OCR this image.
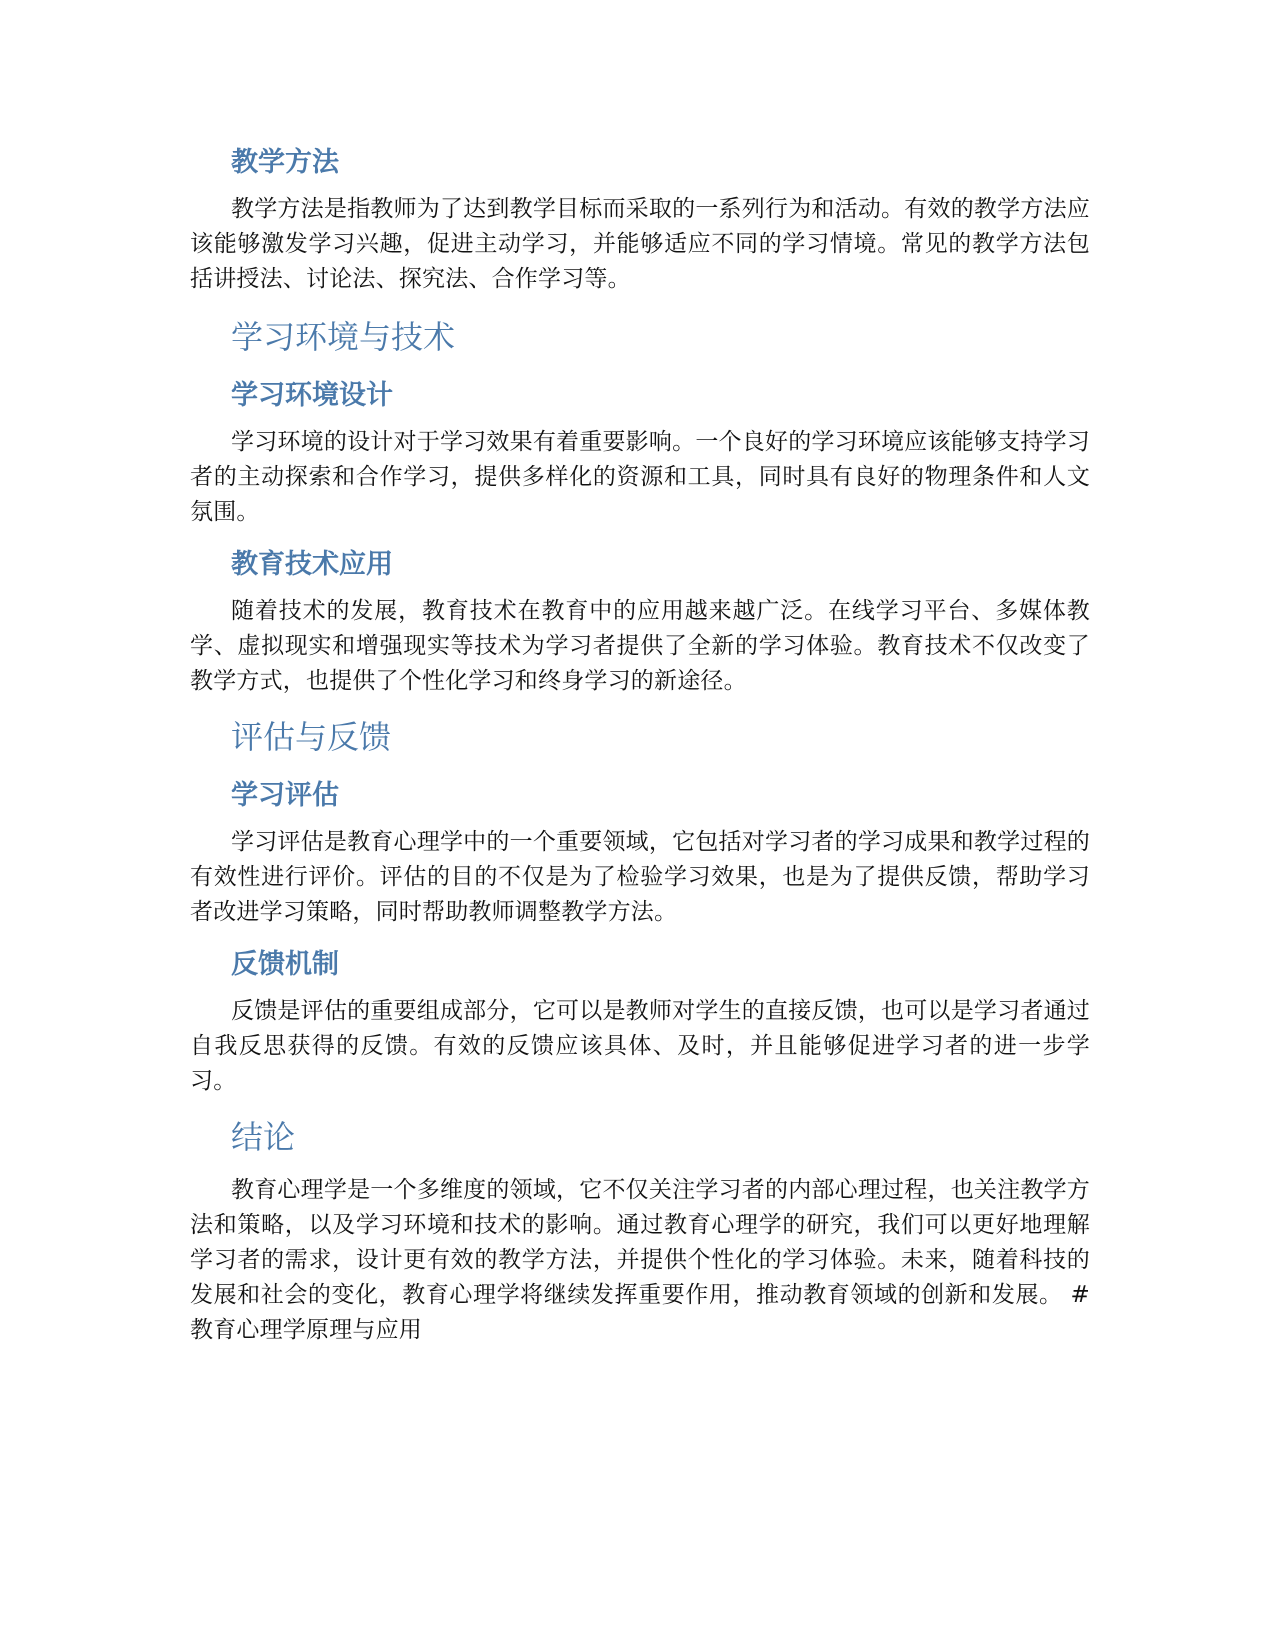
教学方法

教学方法是指教师为了达到教学目标而采取的一系列行为和活动。有效的教学方法应该能够激发学习兴趣，促进主动学习，并能够适应不同的学习情境。常见的教学方法包括讲授法、讨论法、探究法、合作学习等。

学习环境与技术
学习环境设计

学习环境的设计对于学习效果有着重要影响。一个良好的学习环境应该能够支持学习者的主动探索和合作学习，提供多样化的资源和工具，同时具有良好的物理条件和人文氛围。

教育技术应用

随着技术的发展，教育技术在教育中的应用越来越广泛。在线学习平台、多媒体教学、虚拟现实和增强现实等技术为学习者提供了全新的学习体验。教育技术不仅改变了教学方式，也提供了个性化学习和终身学习的新途径。

评估与反馈
学习评估

学习评估是教育心理学中的一个重要领域，它包括对学习者的学习成果和教学过程的有效性进行评价。评估的目的不仅是为了检验学习效果，也是为了提供反馈，帮助学习者改进学习策略，同时帮助教师调整教学方法。

反馈机制

反馈是评估的重要组成部分，它可以是教师对学生的直接反馈，也可以是学习者通过自我反思获得的反馈。有效的反馈应该具体、及时，并且能够促进学习者的进一步学习。

结论

教育心理学是一个多维度的领域，它不仅关注学习者的内部心理过程，也关注教学方法和策略，以及学习环境和技术的影响。通过教育心理学的研究，我们可以更好地理解学习者的需求，设计更有效的教学方法，并提供个性化的学习体验。未来，随着科技的发展和社会的变化，教育心理学将继续发挥重要作用，推动教育领域的创新和发展。 # 教育心理学原理与应用
